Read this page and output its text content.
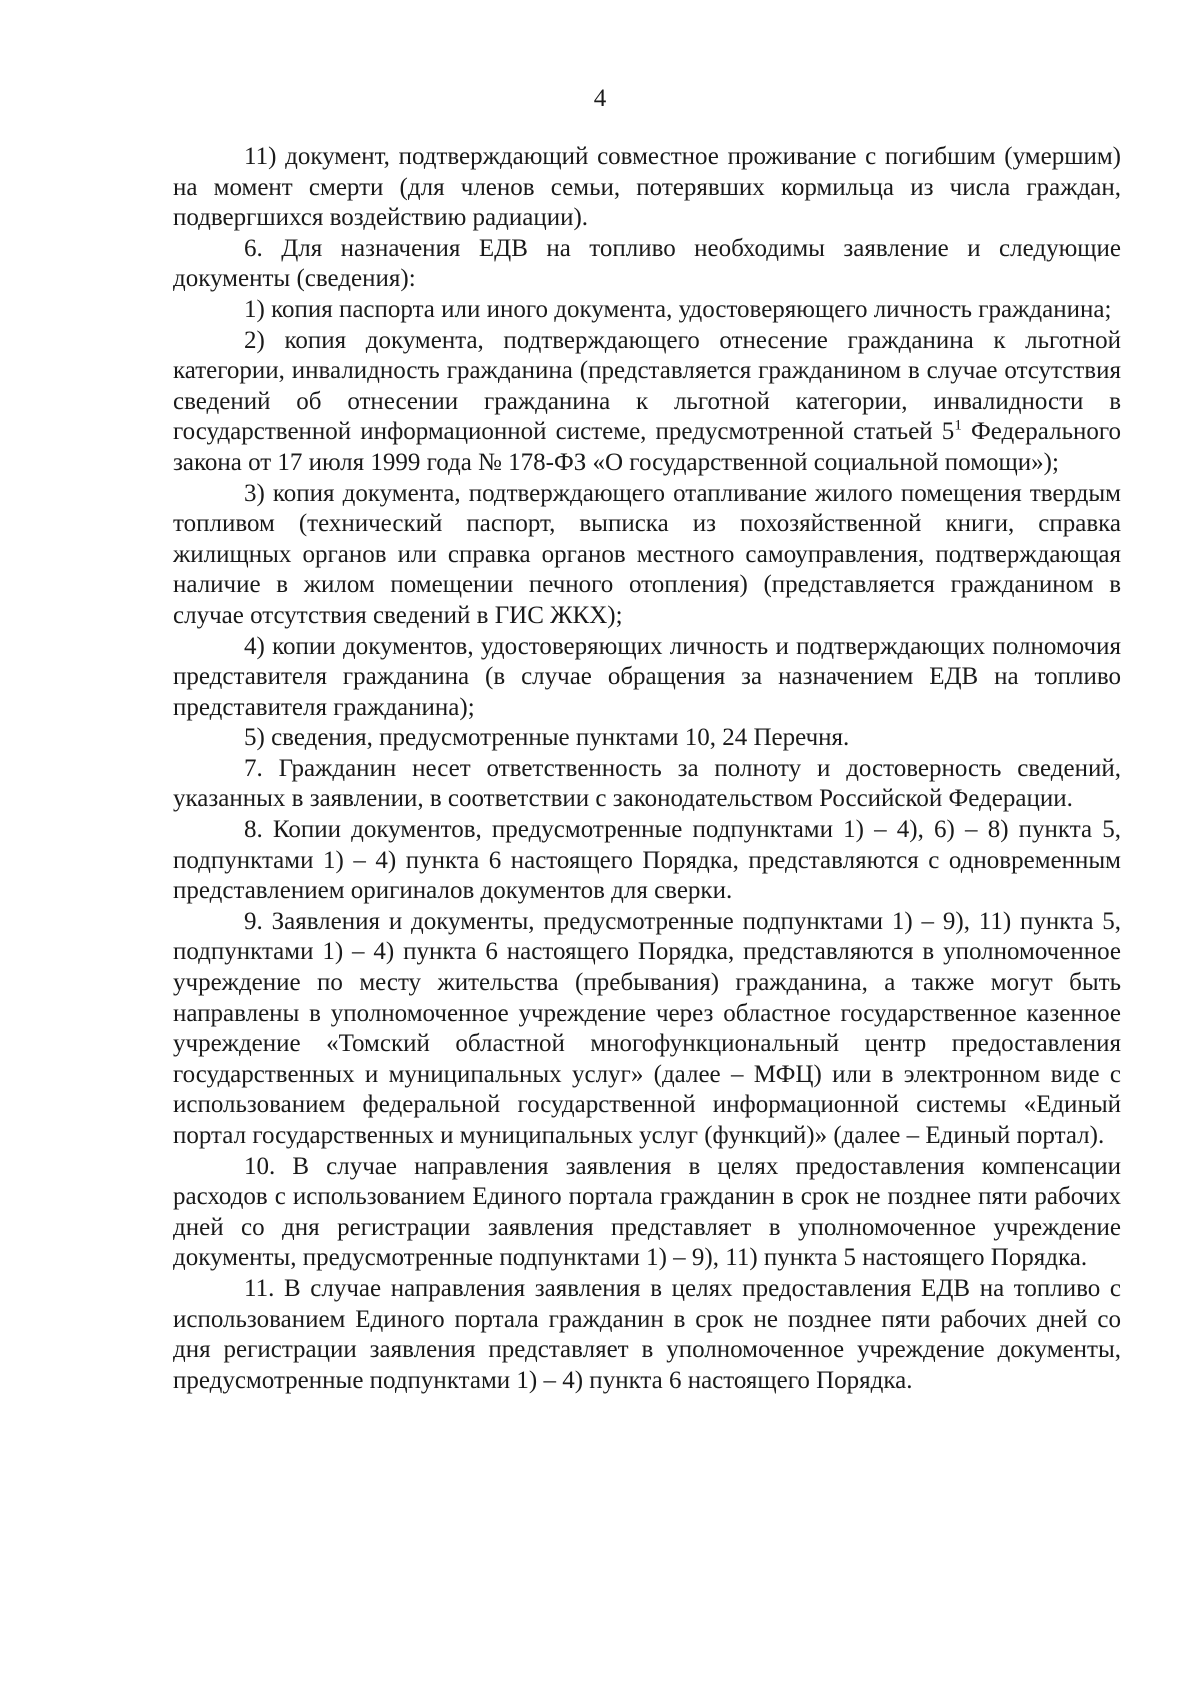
4

11) документ, подтверждающий совместное проживание с погибшим (умершим) на момент смерти (для членов семьи, потерявших кормильца из числа граждан, подвергшихся воздействию радиации).

6. Для назначения ЕДВ на топливо необходимы заявление и следующие документы (сведения):

1) копия паспорта или иного документа, удостоверяющего личность гражданина;

2) копия документа, подтверждающего отнесение гражданина к льготной категории, инвалидность гражданина (представляется гражданином в случае отсутствия сведений об отнесении гражданина к льготной категории, инвалидности в государственной информационной системе, предусмотренной статьей $5^1$ Федерального закона от 17 июля 1999 года № 178-ФЗ «О государственной социальной помощи»);

3) копия документа, подтверждающего отапливание жилого помещения твердым топливом (технический паспорт, выписка из похозяйственной книги, справка жилищных органов или справка органов местного самоуправления, подтверждающая наличие в жилом помещении печного отопления) (представляется гражданином в случае отсутствия сведений в ГИС ЖКХ);

4) копии документов, удостоверяющих личность и подтверждающих полномочия представителя гражданина (в случае обращения за назначением ЕДВ на топливо представителя гражданина);

5) сведения, предусмотренные пунктами 10, 24 Перечня.

7. Гражданин несет ответственность за полноту и достоверность сведений, указанных в заявлении, в соответствии с законодательством Российской Федерации.

8. Копии документов, предусмотренные подпунктами 1) – 4), 6) – 8) пункта 5, подпунктами 1) – 4) пункта 6 настоящего Порядка, представляются с одновременным представлением оригиналов документов для сверки.

9. Заявления и документы, предусмотренные подпунктами 1) – 9), 11) пункта 5, подпунктами 1) – 4) пункта 6 настоящего Порядка, представляются в уполномоченное учреждение по месту жительства (пребывания) гражданина, а также могут быть направлены в уполномоченное учреждение через областное государственное казенное учреждение «Томский областной многофункциональный центр предоставления государственных и муниципальных услуг» (далее – МФЦ) или в электронном виде с использованием федеральной государственной информационной системы «Единый портал государственных и муниципальных услуг (функций)» (далее – Единый портал).

10. В случае направления заявления в целях предоставления компенсации расходов с использованием Единого портала гражданин в срок не позднее пяти рабочих дней со дня регистрации заявления представляет в уполномоченное учреждение документы, предусмотренные подпунктами 1) – 9), 11) пункта 5 настоящего Порядка.

11. В случае направления заявления в целях предоставления ЕДВ на топливо с использованием Единого портала гражданин в срок не позднее пяти рабочих дней со дня регистрации заявления представляет в уполномоченное учреждение документы, предусмотренные подпунктами 1) – 4) пункта 6 настоящего Порядка.
